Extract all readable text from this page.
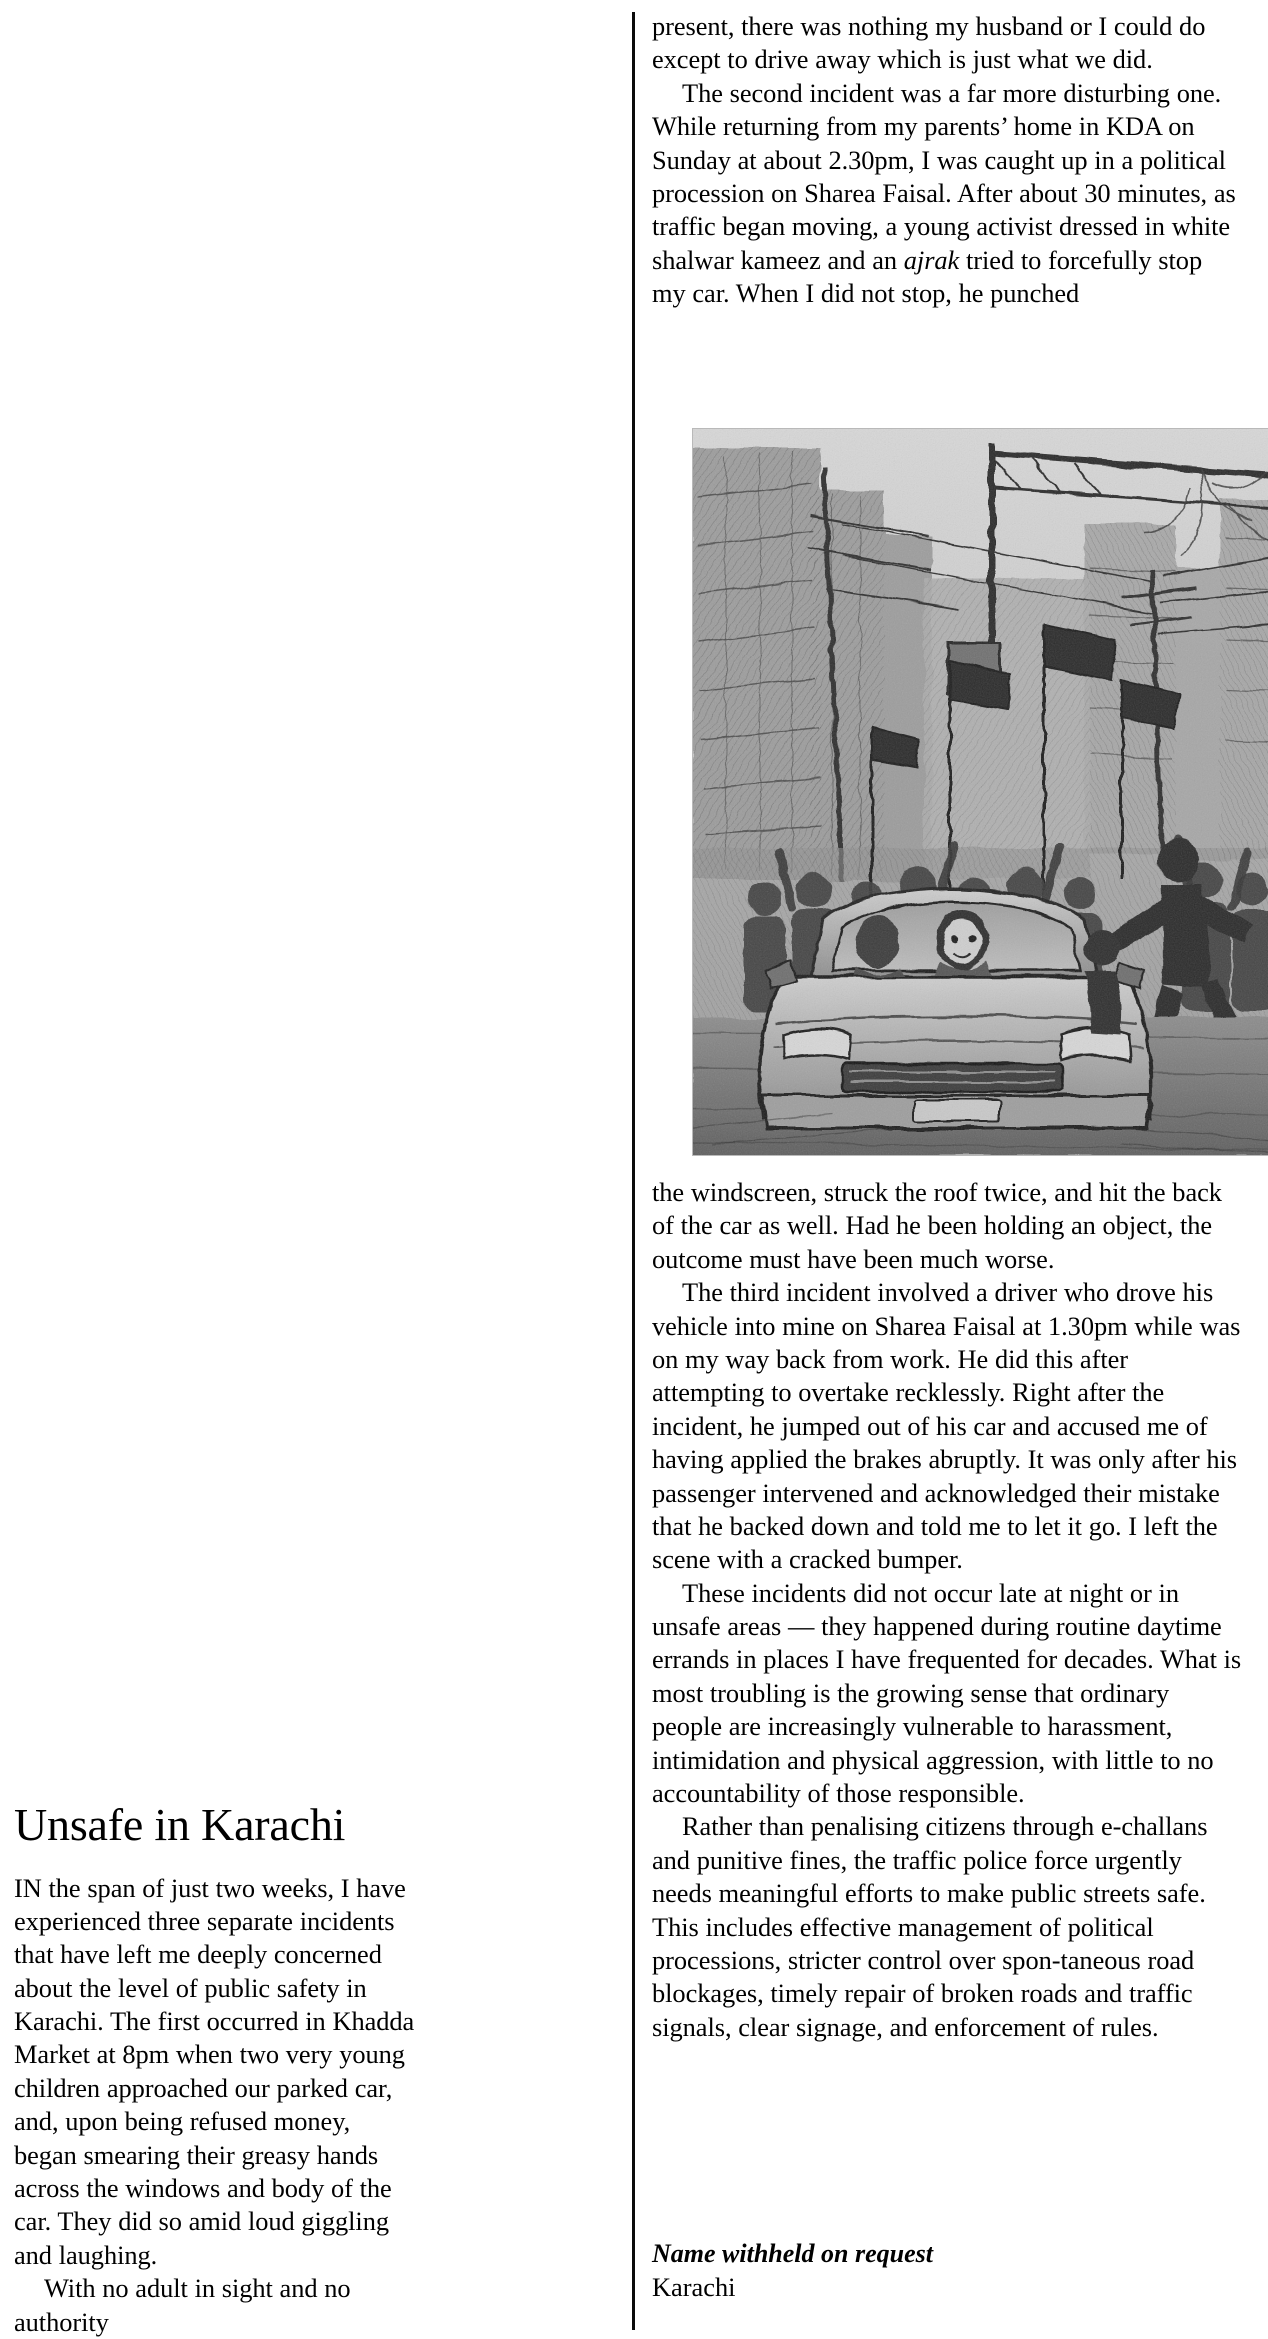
Unsafe in Karachi

IN the span of just two weeks, I have experienced three separate incidents that have left me deeply concerned about the level of public safety in Karachi. The first occurred in Khadda Market at 8pm when two very young children approached our parked car, and, upon being refused money, began smearing their greasy hands across the windows and body of the car. They did so amid loud giggling and laughing.

With no adult in sight and no authority

present, there was nothing my husband or I could do except to drive away which is just what we did.

The second incident was a far more disturbing one. While returning from my parents’ home in KDA on Sunday at about 2.30pm, I was caught up in a political procession on Sharea Faisal. After about 30 minutes, as traffic began moving, a young activist dressed in white shalwar kameez and an ajrak tried to forcefully stop my car. When I did not stop, he punched

the windscreen, struck the roof twice, and hit the back of the car as well. Had he been holding an object, the outcome must have been much worse.

The third incident involved a driver who drove his vehicle into mine on Sharea Faisal at 1.30pm while was on my way back from work. He did this after attempting to overtake recklessly. Right after the incident, he jumped out of his car and accused me of having applied the brakes abruptly. It was only after his passenger intervened and acknowledged their mistake that he backed down and told me to let it go. I left the scene with a cracked bumper.

These incidents did not occur late at night or in unsafe areas — they happened during routine daytime errands in places I have frequented for decades. What is most troubling is the growing sense that ordinary people are increasingly vulnerable to harassment, intimidation and physical aggression, with little to no accountability of those responsible.

Rather than penalising citizens through e-challans and punitive fines, the traffic police force urgently needs meaningful efforts to make public streets safe. This includes effective management of political processions, stricter control over spon-taneous road blockages, timely repair of broken roads and traffic signals, clear signage, and enforcement of rules.

Name withheld on request
Karachi
